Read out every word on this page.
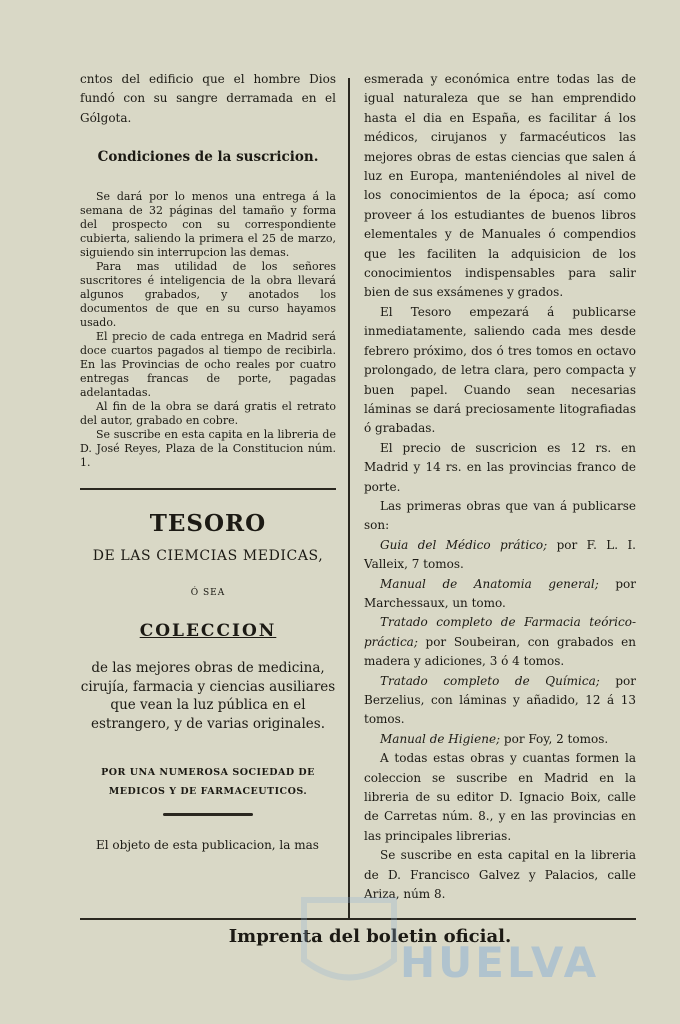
cntos del edificio que el hombre Dios fundó con su sangre derramada en el Gólgota.

Condiciones de la suscricion.

Se dará por lo menos una entrega á la semana de 32 páginas del tamaño y forma del prospecto con su correspondiente cubierta, saliendo la primera el 25 de marzo, siguiendo sin interrupcion las demas.

Para mas utilidad de los señores suscritores é inteligencia de la obra llevará algunos grabados, y anotados los documentos de que en su curso hayamos usado.

El precio de cada entrega en Madrid será doce cuartos pagados al tiempo de recibirla. En las Provincias de ocho reales por cuatro entregas francas de porte, pagadas adelantadas.

Al fin de la obra se dará gratis el retrato del autor, grabado en cobre.

Se suscribe en esta capita en la libreria de D. José Reyes, Plaza de la Constitucion núm. 1.

TESORO
DE LAS CIEMCIAS MEDICAS,
Ó SEA
COLECCION

de las mejores obras de medicina, cirujía, farmacia y ciencias ausiliares que vean la luz pública en el estrangero, y de varias originales.

POR UNA NUMEROSA SOCIEDAD DE MEDICOS Y DE FARMACEUTICOS.

El objeto de esta publicacion, la mas

esmerada y económica entre todas las de igual naturaleza que se han emprendido hasta el dia en España, es facilitar á los médicos, cirujanos y farmacéuticos las mejores obras de estas ciencias que salen á luz en Europa, manteniéndoles al nivel de los conocimientos de la época; así como proveer á los estudiantes de buenos libros elementales y de Manuales ó compendios que les faciliten la adquisicion de los conocimientos indispensables para salir bien de sus exsámenes y grados.

El Tesoro empezará á publicarse inmediatamente, saliendo cada mes desde febrero próximo, dos ó tres tomos en octavo prolongado, de letra clara, pero compacta y buen papel. Cuando sean necesarias láminas se dará preciosamente litografiadas ó grabadas.

El precio de suscricion es 12 rs. en Madrid y 14 rs. en las provincias franco de porte.

Las primeras obras que van á publicarse son:

Guia del Médico prático; por F. L. I. Valleix, 7 tomos.

Manual de Anatomia general; por Marchessaux, un tomo.

Tratado completo de Farmacia teórico-práctica; por Soubeiran, con grabados en madera y adiciones, 3 ó 4 tomos.

Tratado completo de Química; por Berzelius, con láminas y añadido, 12 á 13 tomos.

Manual de Higiene; por Foy, 2 tomos.

A todas estas obras y cuantas formen la coleccion se suscribe en Madrid en la libreria de su editor D. Ignacio Boix, calle de Carretas núm. 8., y en las provincias en las principales librerias.

Se suscribe en esta capital en la libreria de D. Francisco Galvez y Palacios, calle Ariza, núm 8.

Imprenta del boletin oficial.
HUELVA
